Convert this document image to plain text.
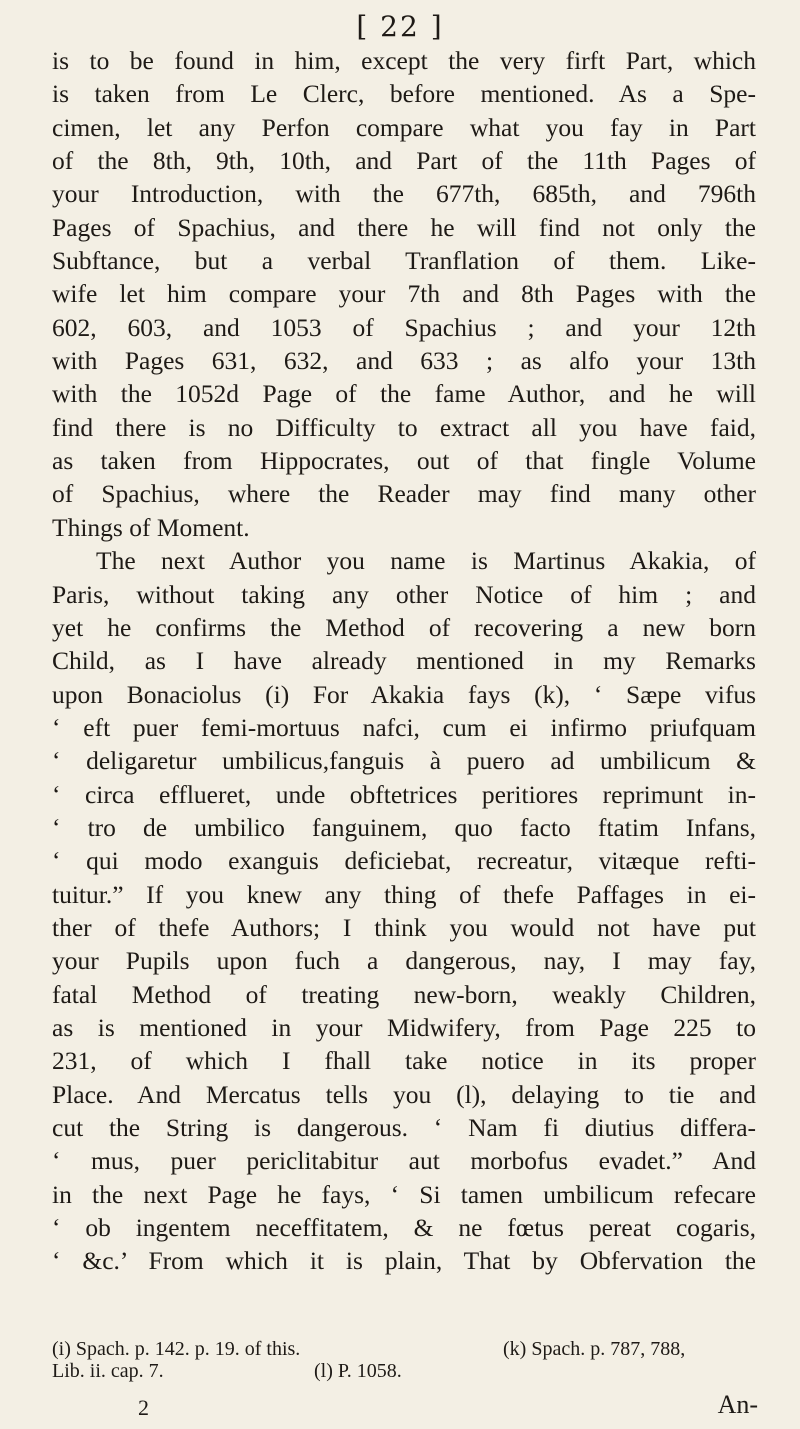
[ 22 ]
is to be found in him, except the very firft Part, which
is taken from Le Clerc, before mentioned. As a Spe-
cimen, let any Perfon compare what you fay in Part
of the 8th, 9th, 10th, and Part of the 11th Pages of
your Introduction, with the 677th, 685th, and 796th
Pages of Spachius, and there he will find not only the
Subftance, but a verbal Tranflation of them. Like-
wife let him compare your 7th and 8th Pages with the
602, 603, and 1053 of Spachius ; and your 12th
with Pages 631, 632, and 633 ; as alfo your 13th
with the 1052d Page of the fame Author, and he will
find there is no Difficulty to extract all you have faid,
as taken from Hippocrates, out of that fingle Volume
of Spachius, where the Reader may find many other
Things of Moment.
The next Author you name is Martinus Akakia, of
Paris, without taking any other Notice of him ; and
yet he confirms the Method of recovering a new born
Child, as I have already mentioned in my Remarks
upon Bonaciolus (i) For Akakia fays (k), ‘ Sæpe vifus
‘ eft puer femi-mortuus nafci, cum ei infirmo priufquam
‘ deligaretur umbilicus,fanguis à puero ad umbilicum &
‘ circa efflueret, unde obftetrices peritiores reprimunt in-
‘ tro de umbilico fanguinem, quo facto ftatim Infans,
‘ qui modo exanguis deficiebat, recreatur, vitæque refti-
tuitur.” If you knew any thing of thefe Paffages in ei-
ther of thefe Authors; I think you would not have put
your Pupils upon fuch a dangerous, nay, I may fay,
fatal Method of treating new-born, weakly Children,
as is mentioned in your Midwifery, from Page 225 to
231, of which I fhall take notice in its proper
Place. And Mercatus tells you (l), delaying to tie and
cut the String is dangerous. ‘ Nam fi diutius differa-
‘ mus, puer periclitabitur aut morbofus evadet.” And
in the next Page he fays, ‘ Si tamen umbilicum refecare
‘ ob ingentem neceffitatem, & ne fœtus pereat cogaris,
‘ &c.’ From which it is plain, That by Obfervation the
(i) Spach. p. 142. p. 19. of this.	(k) Spach. p. 787, 788,
Lib. ii. cap. 7.	(l) P. 1058.
2	An-
